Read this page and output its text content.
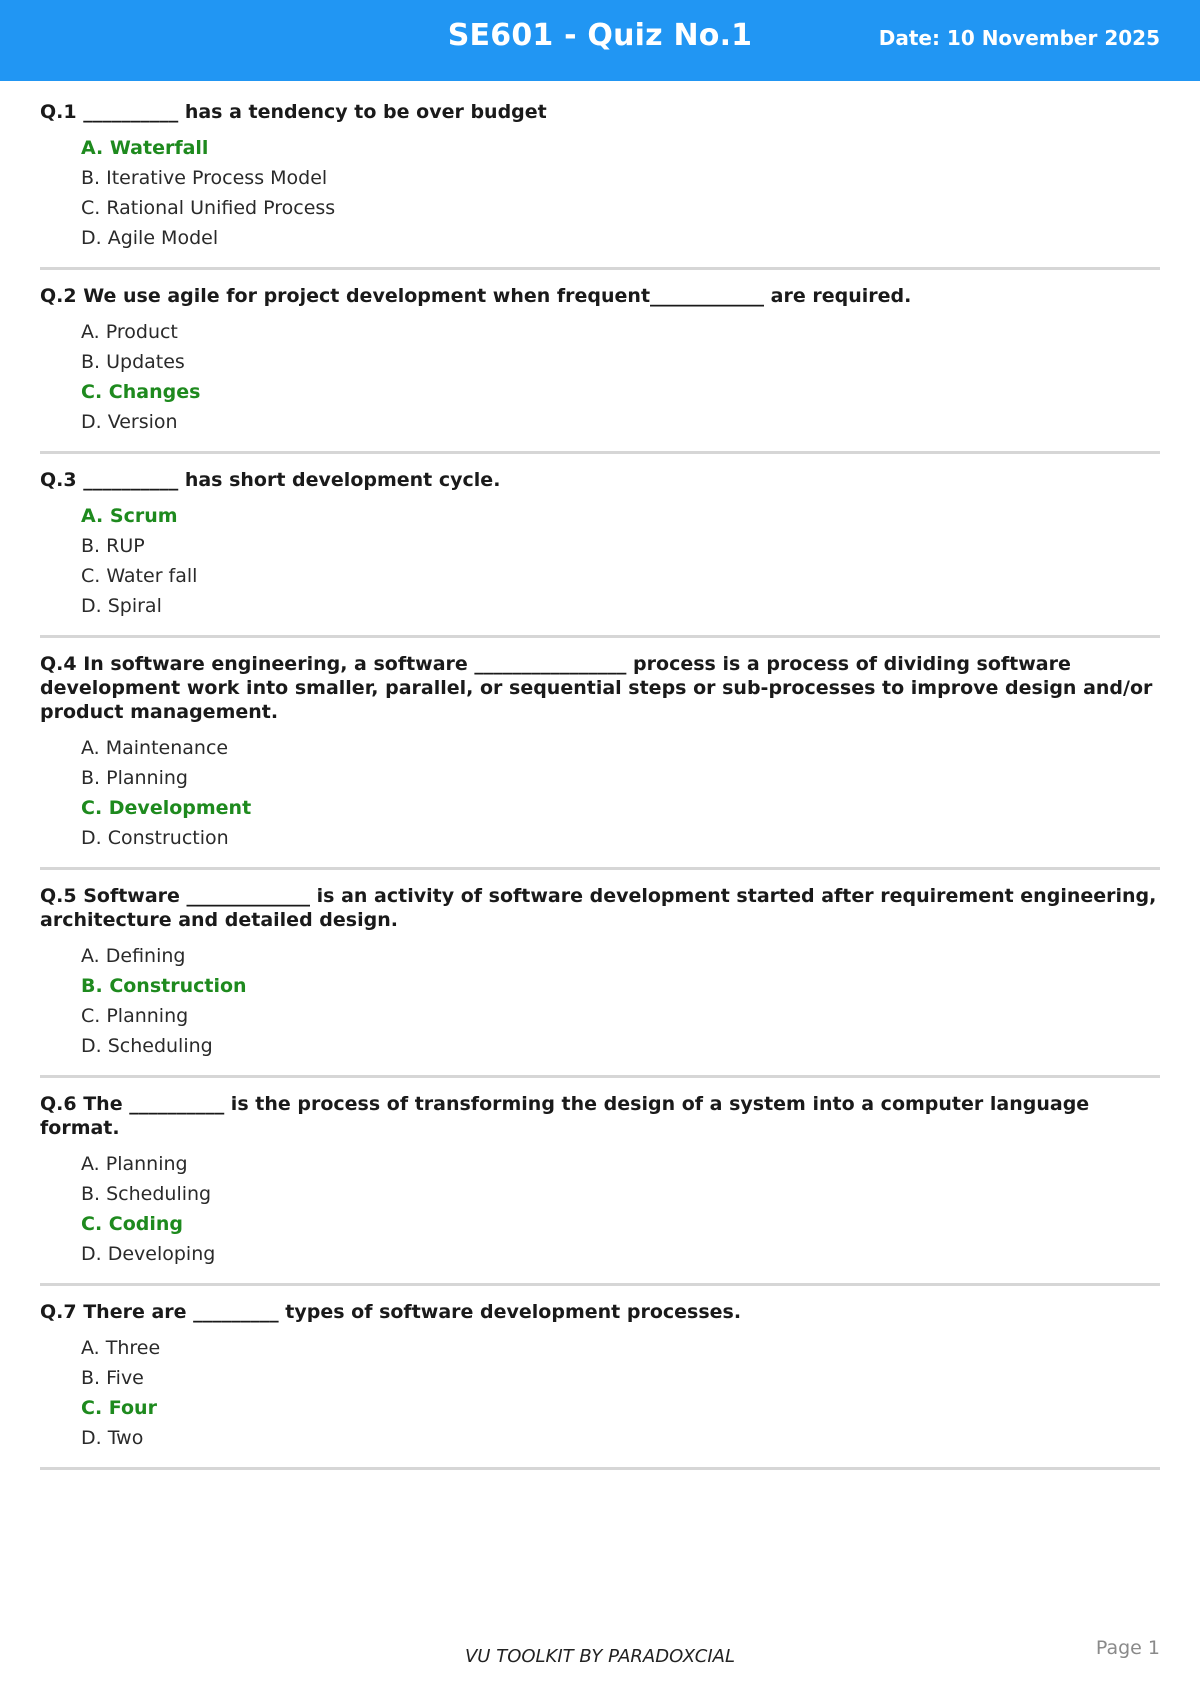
SE601 - Quiz No.1	Date: 10 November 2025
Q.1 __________ has a tendency to be over budget
A. Waterfall
B. Iterative Process Model
C. Rational Unified Process
D. Agile Model
Q.2 We use agile for project development when frequent____________ are required.
A. Product
B. Updates
C. Changes
D. Version
Q.3 __________ has short development cycle.
A. Scrum
B. RUP
C. Water fall
D. Spiral
Q.4 In software engineering, a software ________________ process is a process of dividing software development work into smaller, parallel, or sequential steps or sub-processes to improve design and/or product management.
A. Maintenance
B. Planning
C. Development
D. Construction
Q.5 Software _____________ is an activity of software development started after requirement engineering, architecture and detailed design.
A. Defining
B. Construction
C. Planning
D. Scheduling
Q.6 The __________ is the process of transforming the design of a system into a computer language format.
A. Planning
B. Scheduling
C. Coding
D. Developing
Q.7 There are _________ types of software development processes.
A. Three
B. Five
C. Four
D. Two
VU TOOLKIT BY PARADOXCIAL	Page 1
